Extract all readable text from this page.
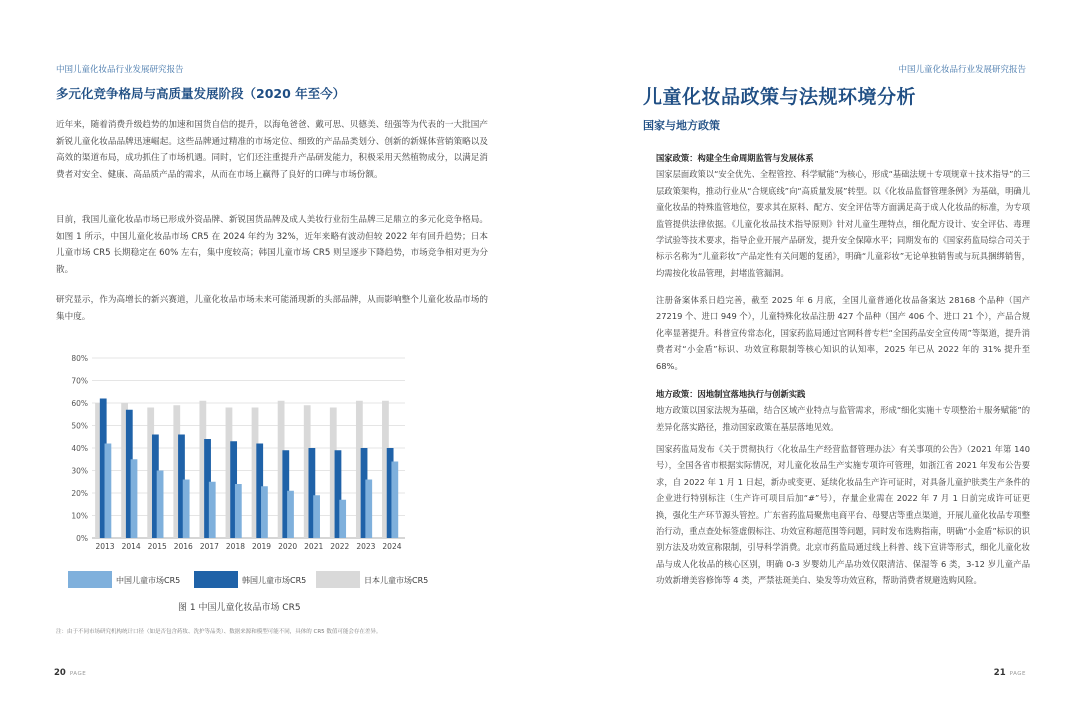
中国儿童化妆品行业发展研究报告
多元化竞争格局与高质量发展阶段（2020 年至今）
近年来，随着消费升级趋势的加速和国货自信的提升，以海龟爸爸、戴可思、贝德美、纽强等为代表的一大批国产新锐儿童化妆品品牌迅速崛起。这些品牌通过精准的市场定位、细致的产品品类划分、创新的新媒体营销策略以及高效的渠道布局，成功抓住了市场机遇。同时，它们还注重提升产品研发能力，积极采用天然植物成分，以满足消费者对安全、健康、高品质产品的需求，从而在市场上赢得了良好的口碑与市场份额。
目前，我国儿童化妆品市场已形成外资品牌、新锐国货品牌及成人美妆行业衍生品牌三足鼎立的多元化竞争格局。如图 1 所示，中国儿童化妆品市场 CR5 在 2024 年约为 32%，近年来略有波动但较 2022 年有回升趋势；日本儿童市场 CR5 长期稳定在 60% 左右，集中度较高；韩国儿童市场 CR5 则呈逐步下降趋势，市场竞争相对更为分散。
研究显示，作为高增长的新兴赛道，儿童化妆品市场未来可能涌现新的头部品牌，从而影响整个儿童化妆品市场的集中度。
0%
10%
20%
30%
40%
50%
60%
70%
80%
2013 2014 2015 2016 2017 2018 2019 2020 2021 2022 2023 2024
中国儿童市场CR5	韩国儿童市场CR5	日本儿童市场CR5
图 1 中国儿童化妆品市场 CR5
注：由于不同市场研究机构统计口径（如是否包含药妆、洗护等品类）、数据来源和模型可能不同，具体的 CR5 数值可能会存在差异。
20 PAGE
中国儿童化妆品行业发展研究报告
儿童化妆品政策与法规环境分析
国家与地方政策
国家政策：构建全生命周期监管与发展体系
国家层面政策以“安全优先、全程管控、科学赋能”为核心，形成“基础法规＋专项规章＋技术指导”的三层政策架构，推动行业从“合规底线”向“高质量发展”转型。以《化妆品监督管理条例》为基础，明确儿童化妆品的特殊监管地位，要求其在原料、配方、安全评估等方面满足高于成人化妆品的标准，为专项监管提供法律依据。《儿童化妆品技术指导原则》针对儿童生理特点，细化配方设计、安全评估、毒理学试验等技术要求，指导企业开展产品研发，提升安全保障水平；同期发布的《国家药监局综合司关于标示名称为“儿童彩妆”产品定性有关问题的复函》，明确“儿童彩妆”无论单独销售或与玩具捆绑销售，均需按化妆品管理，封堵监管漏洞。
注册备案体系日趋完善，截至 2025 年 6 月底，全国儿童普通化妆品备案达 28168 个品种（国产 27219 个、进口 949 个），儿童特殊化妆品注册 427 个品种（国产 406 个、进口 21 个），产品合规化率显著提升。科普宣传常态化，国家药监局通过官网科普专栏“全国药品安全宣传周”等渠道，提升消费者对“小金盾”标识、功效宣称限制等核心知识的认知率，2025 年已从 2022 年的 31% 提升至 68%。
地方政策：因地制宜落地执行与创新实践
地方政策以国家法规为基础，结合区域产业特点与监管需求，形成“细化实施＋专项整治＋服务赋能”的差异化落实路径，推动国家政策在基层落地见效。
国家药监局发布《关于贯彻执行〈化妆品生产经营监督管理办法〉有关事项的公告》（2021 年第 140 号），全国各省市根据实际情况，对儿童化妆品生产实施专项许可管理，如浙江省 2021 年发布公告要求，自 2022 年 1 月 1 日起，新办或变更、延续化妆品生产许可证时，对具备儿童护肤类生产条件的企业进行特别标注（生产许可项目后加“#”号），存量企业需在 2022 年 7 月 1 日前完成许可证更换，强化生产环节源头管控。广东省药监局聚焦电商平台、母婴店等重点渠道，开展儿童化妆品专项整治行动，重点查处标签虚假标注、功效宣称超范围等问题，同时发布选购指南，明确“小金盾”标识的识别方法及功效宣称限制，引导科学消费。北京市药监局通过线上科普、线下宣讲等形式，细化儿童化妆品与成人化妆品的核心区别，明确 0-3 岁婴幼儿产品功效仅限清洁、保湿等 6 类，3-12 岁儿童产品功效新增美容修饰等 4 类，严禁祛斑美白、染发等功效宣称，帮助消费者规避选购风险。
21 PAGE
